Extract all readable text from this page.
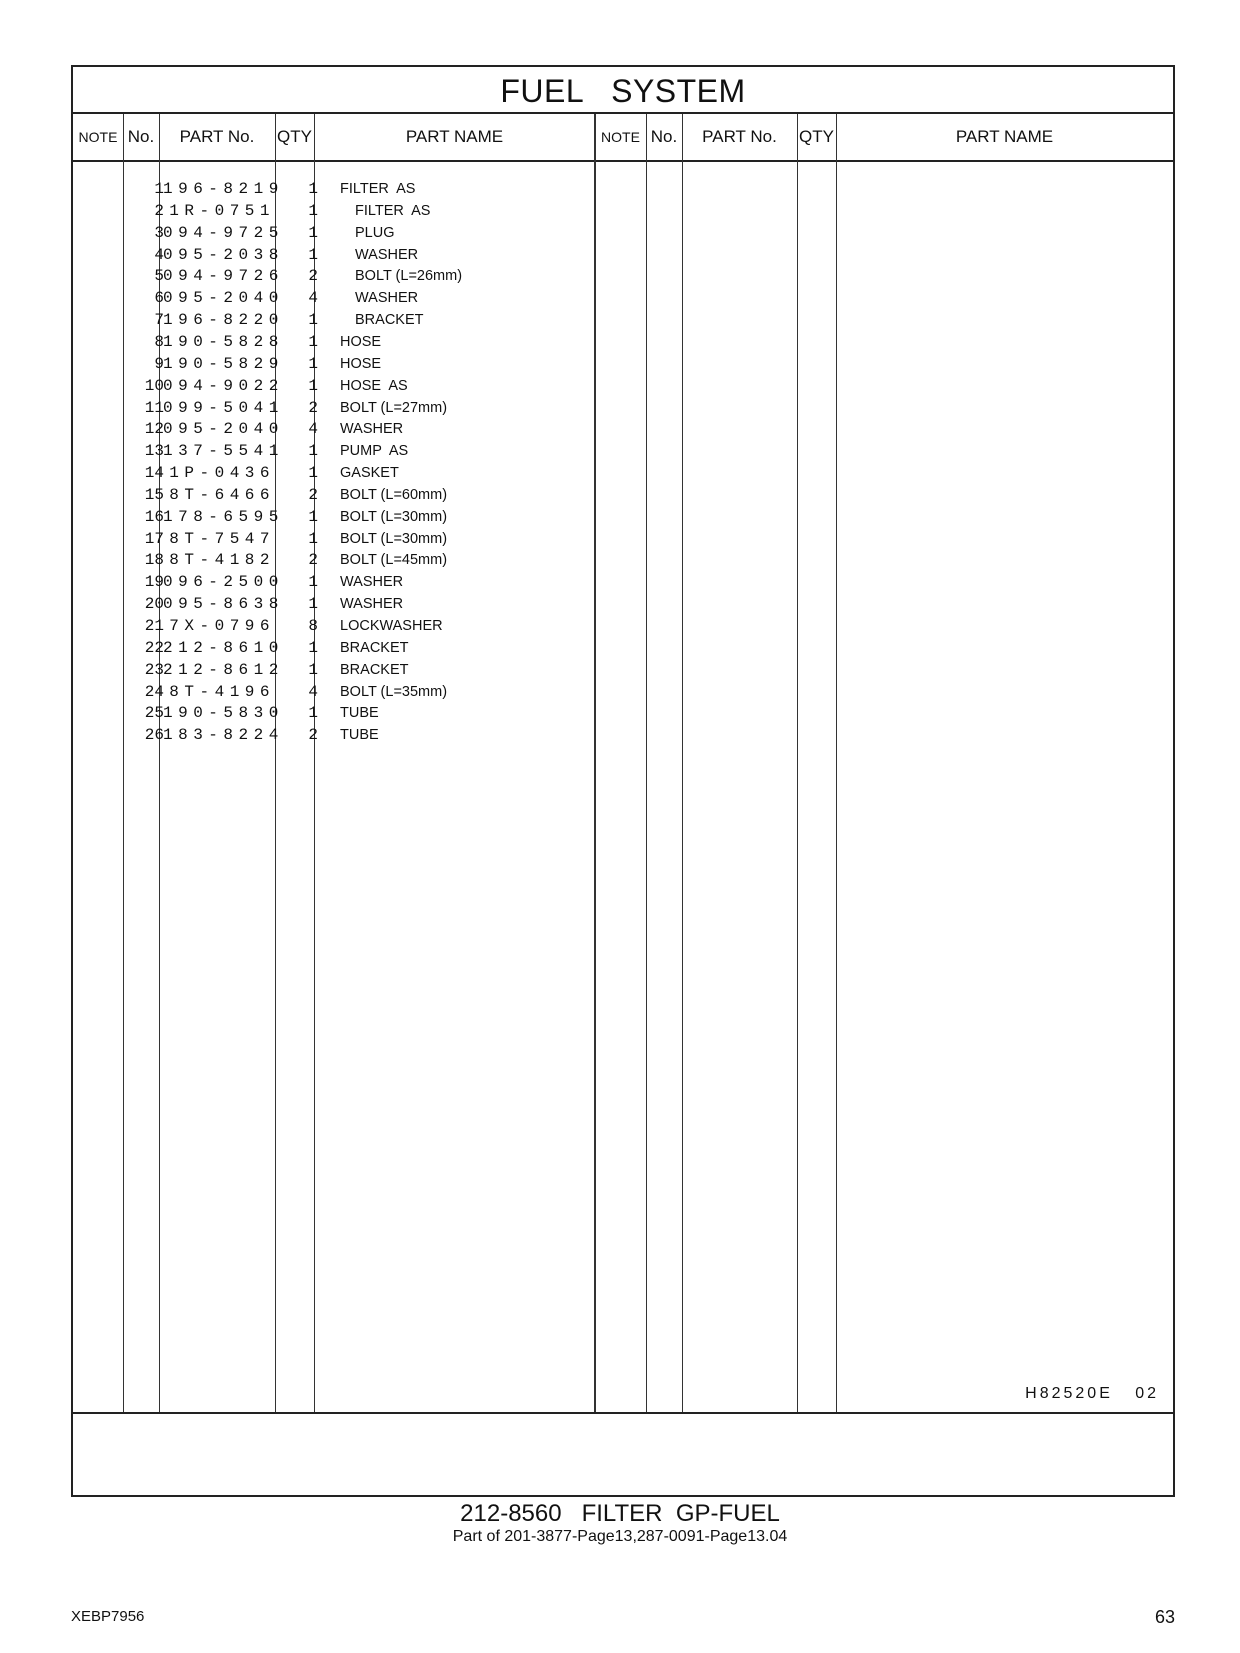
FUEL   SYSTEM
NOTE No.	PART No.	QTY	PART NAME	NOTE No.	PART No.	QTY	PART NAME
1 196-8219	1 FILTER  AS
2 1R-0751	1	FILTER  AS
3 094-9725	1	PLUG
4 095-2038	1	WASHER
5 094-9726	2	BOLT (L=26mm)
6 095-2040	4	WASHER
7 196-8220	1	BRACKET
8 190-5828	1 HOSE
9 190-5829	1 HOSE
10 094-9022	1 HOSE  AS
11 099-5041	2 BOLT (L=27mm)
12 095-2040	4 WASHER
13 137-5541	1 PUMP  AS
14 1P-0436	1 GASKET
15 8T-6466	2 BOLT (L=60mm)
16 178-6595	1 BOLT (L=30mm)
17 8T-7547	1 BOLT (L=30mm)
18 8T-4182	2 BOLT (L=45mm)
19 096-2500	1 WASHER
20 095-8638	1 WASHER
21 7X-0796	8 LOCKWASHER
22 212-8610	1 BRACKET
23 212-8612	1 BRACKET
24 8T-4196	4 BOLT (L=35mm)
25 190-5830	1 TUBE
26 183-8224	2 TUBE
H82520E   02
212-8560   FILTER  GP-FUEL
Part of 201-3877-Page13,287-0091-Page13.04
XEBP7956	63
